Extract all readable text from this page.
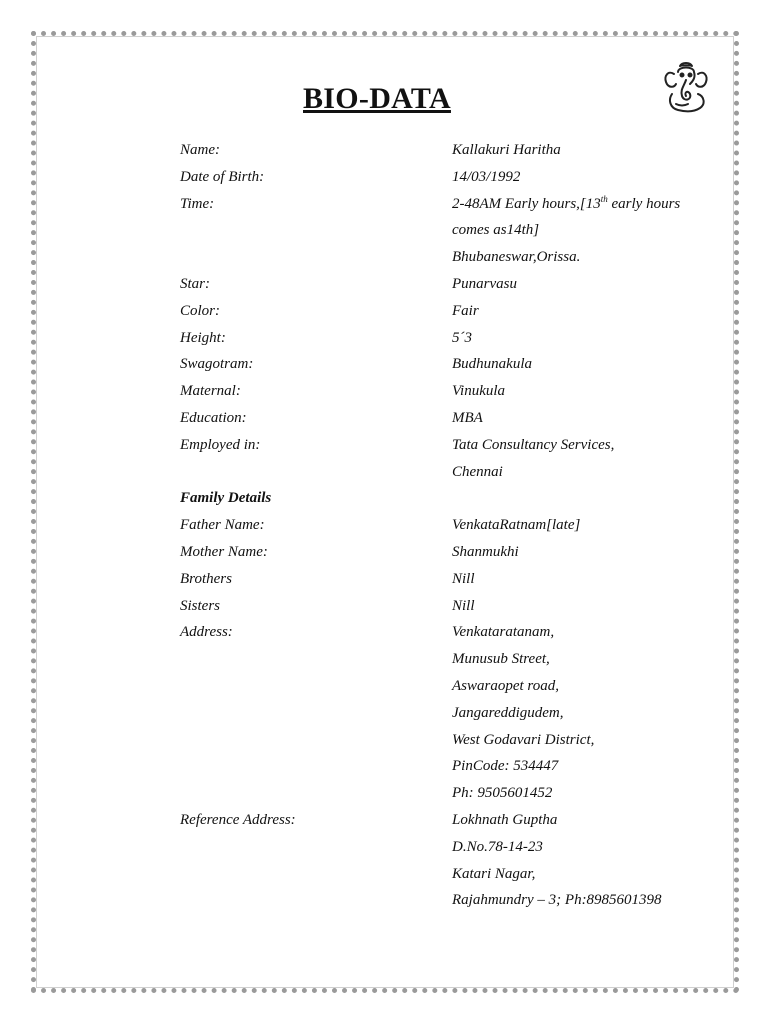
BIO-DATA
Name:	Kallakuri Haritha
Date of Birth:	14/03/1992
Time:	2-48AM Early hours,[13th early hours
comes as14th]
Bhubaneswar,Orissa.
Star:	Punarvasu
Color:	Fair
Height:	5´3
Swagotram:	Budhunakula
Maternal:	Vinukula
Education:	MBA
Employed in:	Tata Consultancy Services,
Chennai
Family Details
Father Name:	VenkataRatnam[late]
Mother Name:	Shanmukhi
Brothers	Nill
Sisters	Nill
Address:	Venkataratanam,
Munusub Street,
Aswaraopet road,
Jangareddigudem,
West Godavari District,
PinCode: 534447
Ph: 9505601452
Reference Address:	Lokhnath Guptha
D.No.78-14-23
Katari Nagar,
Rajahmundry – 3; Ph:8985601398
